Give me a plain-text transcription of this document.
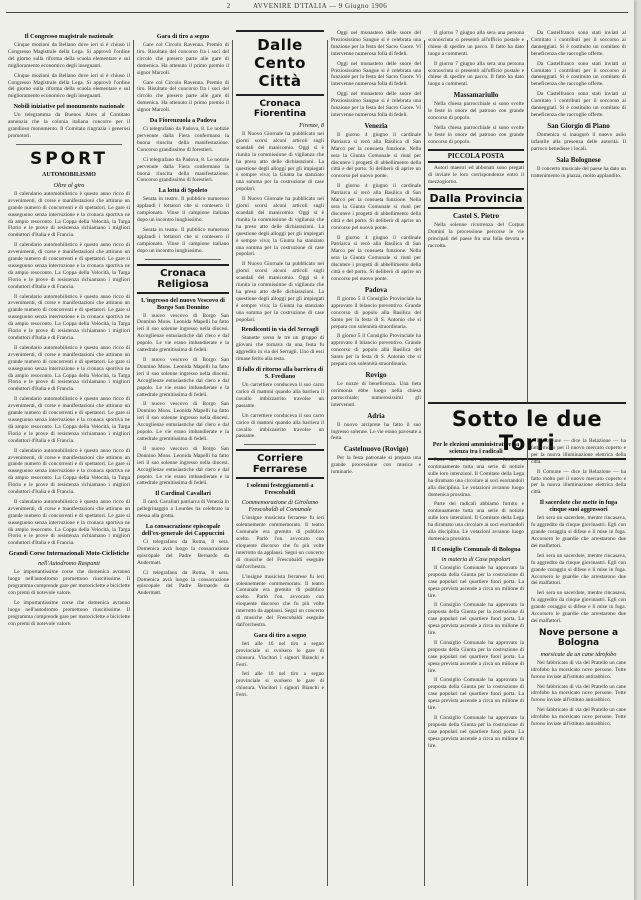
2	AVVENIRE D'ITALIA — 9 Giugno 1906
Il Congresso magistrale nazionale

Cinque mozioni da Bellano dove ieri si è chiuso il Congresso Magistrale della Lega. Si approvò l'ordine del giorno sulla riforma della scuola elementare e sul miglioramento economico degli insegnanti.

Cinque mozioni da Bellano dove ieri si è chiuso il Congresso Magistrale della Lega. Si approvò l'ordine del giorno sulla riforma della scuola elementare e sul miglioramento economico degli insegnanti.

Nobili iniziative pel monumento nazionale

Un telegramma da Buenos Aires al Comitato annunzia che la colonia italiana concorre per il grandioso monumento. Il Comitato ringrazia i generosi promotori.

SPORT
AUTOMOBILISMO
Oltre al giro

Il calendario automobilistico è questo anno ricco di avvenimenti, di corse e manifestazioni che attirano un grande numero di concorrenti e di spettatori. Le gare si susseguono senza interruzione e la cronaca sportiva ne dà ampio resoconto. La Coppa della Velocità, la Targa Florio e le prove di resistenza richiamano i migliori conduttori d'Italia e di Francia.

Il calendario automobilistico è questo anno ricco di avvenimenti, di corse e manifestazioni che attirano un grande numero di concorrenti e di spettatori. Le gare si susseguono senza interruzione e la cronaca sportiva ne dà ampio resoconto. La Coppa della Velocità, la Targa Florio e le prove di resistenza richiamano i migliori conduttori d'Italia e di Francia.

Il calendario automobilistico è questo anno ricco di avvenimenti, di corse e manifestazioni che attirano un grande numero di concorrenti e di spettatori. Le gare si susseguono senza interruzione e la cronaca sportiva ne dà ampio resoconto. La Coppa della Velocità, la Targa Florio e le prove di resistenza richiamano i migliori conduttori d'Italia e di Francia.

Il calendario automobilistico è questo anno ricco di avvenimenti, di corse e manifestazioni che attirano un grande numero di concorrenti e di spettatori. Le gare si susseguono senza interruzione e la cronaca sportiva ne dà ampio resoconto. La Coppa della Velocità, la Targa Florio e le prove di resistenza richiamano i migliori conduttori d'Italia e di Francia.

Il calendario automobilistico è questo anno ricco di avvenimenti, di corse e manifestazioni che attirano un grande numero di concorrenti e di spettatori. Le gare si susseguono senza interruzione e la cronaca sportiva ne dà ampio resoconto. La Coppa della Velocità, la Targa Florio e le prove di resistenza richiamano i migliori conduttori d'Italia e di Francia.

Il calendario automobilistico è questo anno ricco di avvenimenti, di corse e manifestazioni che attirano un grande numero di concorrenti e di spettatori. Le gare si susseguono senza interruzione e la cronaca sportiva ne dà ampio resoconto. La Coppa della Velocità, la Targa Florio e le prove di resistenza richiamano i migliori conduttori d'Italia e di Francia.

Il calendario automobilistico è questo anno ricco di avvenimenti, di corse e manifestazioni che attirano un grande numero di concorrenti e di spettatori. Le gare si susseguono senza interruzione e la cronaca sportiva ne dà ampio resoconto. La Coppa della Velocità, la Targa Florio e le prove di resistenza richiamano i migliori conduttori d'Italia e di Francia.

Grandi Corse Internazionali Moto-Ciclistiche
nell'Autodromo Raspanti

Le importantissime corse che domenica avranno luogo nell'autodromo promettono riuscitissime. Il programma comprende gare per motociclette e biciclette con premi di notevole valore.

Le importantissime corse che domenica avranno luogo nell'autodromo promettono riuscitissime. Il programma comprende gare per motociclette e biciclette con premi di notevole valore.

Gara di tiro a segno

Gare col Circolo Ravenna. Premio di tiro. Risultato del concorso fra i soci del circolo che presero parte alle gare di domenica. Ha ottenuto il primo premio il signor Marzoli.

Gare col Circolo Ravenna. Premio di tiro. Risultato del concorso fra i soci del circolo che presero parte alle gare di domenica. Ha ottenuto il primo premio il signor Marzoli.

Da Fiorenzuola a Padova

Ci telegrafano da Padova, 8. Le notizie pervenute dalla Fiera confermano la buona riuscita della manifestazione. Concorso grandissimo di forestieri.

Ci telegrafano da Padova, 8. Le notizie pervenute dalla Fiera confermano la buona riuscita della manifestazione. Concorso grandissimo di forestieri.

La lotta di Spoleto

Serata in teatro. Il pubblico numeroso applaudì i lottatori che si contesero il campionato. Vinse il campione italiano dopo un incontro lunghissimo.

Serata in teatro. Il pubblico numeroso applaudì i lottatori che si contesero il campionato. Vinse il campione italiano dopo un incontro lunghissimo.

Cronaca Religiosa
L'ingresso del nuovo Vescovo di Borgo San Donnino

Il nuovo vescovo di Borgo San Donnino Mons. Leonida Mapelli ha fatto ieri il suo solenne ingresso nella diocesi. Accoglienze entusiastiche dal clero e dal popolo. Le vie erano imbandierate e la cattedrale gremitissima di fedeli.

Il nuovo vescovo di Borgo San Donnino Mons. Leonida Mapelli ha fatto ieri il suo solenne ingresso nella diocesi. Accoglienze entusiastiche dal clero e dal popolo. Le vie erano imbandierate e la cattedrale gremitissima di fedeli.

Il nuovo vescovo di Borgo San Donnino Mons. Leonida Mapelli ha fatto ieri il suo solenne ingresso nella diocesi. Accoglienze entusiastiche dal clero e dal popolo. Le vie erano imbandierate e la cattedrale gremitissima di fedeli.

Il nuovo vescovo di Borgo San Donnino Mons. Leonida Mapelli ha fatto ieri il suo solenne ingresso nella diocesi. Accoglienze entusiastiche dal clero e dal popolo. Le vie erano imbandierate e la cattedrale gremitissima di fedeli.

Il Cardinal Cavallari

Il card. Cavallari patriarca di Venezia in pellegrinaggio a Lourdes ha celebrato la messa alla grotta.

La consacrazione episcopale dell'ex-generale dei Cappuccini

Ci telegrafano da Roma, 8 sera. Domenica avrà luogo la consacrazione episcopale del Padre Bernardo da Andermatt.

Ci telegrafano da Roma, 8 sera. Domenica avrà luogo la consacrazione episcopale del Padre Bernardo da Andermatt.

Dalle Cento Città
Cronaca Fiorentina
Firenze, 8

Il Nuovo Giornale ha pubblicato nei giorni scorsi alcuni articoli sugli scandali del manicomio. Oggi si è riunita la commissione di vigilanza che ha preso atto delle dichiarazioni. La questione degli alloggi per gli impiegati è sempre viva; la Giunta ha stanziato una somma per la costruzione di case popolari.

Il Nuovo Giornale ha pubblicato nei giorni scorsi alcuni articoli sugli scandali del manicomio. Oggi si è riunita la commissione di vigilanza che ha preso atto delle dichiarazioni. La questione degli alloggi per gli impiegati è sempre viva; la Giunta ha stanziato una somma per la costruzione di case popolari.

Il Nuovo Giornale ha pubblicato nei giorni scorsi alcuni articoli sugli scandali del manicomio. Oggi si è riunita la commissione di vigilanza che ha preso atto delle dichiarazioni. La questione degli alloggi per gli impiegati è sempre viva; la Giunta ha stanziato una somma per la costruzione di case popolari.

Rendiconti in via del Serragli

Stanotte verso le tre un gruppo di giovani che tornava da una festa fu aggredito in via dei Serragli. Uno di essi rimase ferito alla testa.

Il fallo di ritorno alla barriera di S. Frediano

Un carrettiere conduceva il suo carro carico di mattoni quando alla barriera il cavallo imbizzarrito travolse un passante.

Un carrettiere conduceva il suo carro carico di mattoni quando alla barriera il cavallo imbizzarrito travolse un passante.

Corriere Ferrarese
I solenni festeggiamenti a Frescobaldi
Commemorazione di Girolamo Frescobaldi al Comunale

L'insigne musicista ferrarese fu ieri solennemente commemorato. Il teatro Comunale era gremito di pubblico scelto. Parlò l'on. avvocato con eloquente discorso che fu più volte interrotto da applausi. Seguì un concerto di musiche del Frescobaldi eseguite dall'orchestra.

L'insigne musicista ferrarese fu ieri solennemente commemorato. Il teatro Comunale era gremito di pubblico scelto. Parlò l'on. avvocato con eloquente discorso che fu più volte interrotto da applausi. Seguì un concerto di musiche del Frescobaldi eseguite dall'orchestra.

Gara di tiro a segno

Ieri alle 16 nel tiro a segno provinciale si svolsero le gare di chiusura. Vincitori i signori Bianchi e Ferri.

Ieri alle 16 nel tiro a segno provinciale si svolsero le gare di chiusura. Vincitori i signori Bianchi e Ferri.

Oggi nel monastero delle suore del Preziosissimo Sangue si è celebrata una funzione per la festa del Sacro Cuore. Vi intervenne numerosa folla di fedeli.

Oggi nel monastero delle suore del Preziosissimo Sangue si è celebrata una funzione per la festa del Sacro Cuore. Vi intervenne numerosa folla di fedeli.

Oggi nel monastero delle suore del Preziosissimo Sangue si è celebrata una funzione per la festa del Sacro Cuore. Vi intervenne numerosa folla di fedeli.

Venezia

Il giorno 4 giugno il cardinale Patriarca si recò alla Basilica di San Marco per la consueta funzione. Nella sera la Giunta Comunale si riunì per discutere i progetti di abbellimento della città e del porto. Si deliberò di aprire un concorso pel nuovo ponte.

Il giorno 4 giugno il cardinale Patriarca si recò alla Basilica di San Marco per la consueta funzione. Nella sera la Giunta Comunale si riunì per discutere i progetti di abbellimento della città e del porto. Si deliberò di aprire un concorso pel nuovo ponte.

Il giorno 4 giugno il cardinale Patriarca si recò alla Basilica di San Marco per la consueta funzione. Nella sera la Giunta Comunale si riunì per discutere i progetti di abbellimento della città e del porto. Si deliberò di aprire un concorso pel nuovo ponte.

Padova

Il giorno 5 il Consiglio Provinciale ha approvato il bilancio preventivo. Grande concorso di popolo alla Basilica del Santo per la festa di S. Antonio che si prepara con solennità straordinaria.

Il giorno 5 il Consiglio Provinciale ha approvato il bilancio preventivo. Grande concorso di popolo alla Basilica del Santo per la festa di S. Antonio che si prepara con solennità straordinaria.

Rovigo

Le nozze di beneficenza. Una lieta cerimonia ebbe luogo nella chiesa parrocchiale; numerosissimi gli intervenuti.

Adria

Il nuovo arciprete ha fatto il suo ingresso solenne. Le vie erano pavesate a festa.

Castelnuovo (Rovigo)

Per la festa patronale si prepara una grande processione con musica e luminarie.

Il giorno 7 giugno alla sera una persona sconosciuta si presentò all'ufficio postale e chiese di spedire un pacco. Il fatto ha dato luogo a commenti.

Il giorno 7 giugno alla sera una persona sconosciuta si presentò all'ufficio postale e chiese di spedire un pacco. Il fatto ha dato luogo a commenti.

Massamariullo

Nella chiesa parrocchiale si sono svolte le feste in onore del patrono con grande concorso di popolo.

Nella chiesa parrocchiale si sono svolte le feste in onore del patrono con grande concorso di popolo.

PICCOLA POSTA

Autori maestri ed abbonati sono pregati di inviare le loro corrispondenze entro il mezzogiorno.

Dalla Provincia
Castel S. Pietro

Nella solenne ricorrenza del Corpus Domini la processione percorse le vie principali del paese fra una folla devota e raccolta.

Da Castelfranco sono stati inviati al Comitato i contributi per il soccorso ai danneggiati. Si è costituito un comitato di beneficenza che raccoglie offerte.

Da Castelfranco sono stati inviati al Comitato i contributi per il soccorso ai danneggiati. Si è costituito un comitato di beneficenza che raccoglie offerte.

Da Castelfranco sono stati inviati al Comitato i contributi per il soccorso ai danneggiati. Si è costituito un comitato di beneficenza che raccoglie offerte.

San Giorgio di Piano

Domenica si inaugurò il nuovo asilo infantile alla presenza delle autorità. Il parroco benedisse i locali.

Sala Bolognese

Il concerto musicale del paese ha dato un trattenimento in piazza, molto applaudito.

Sotto le due Torri
Per le elezioni amministrative ha scienza tra i radicali

Parte dei radicali abbiamo fornito e continuamente tutta una serie di notizie sulle loro intenzioni. Il Comitato della Lega ha diramato una circolare ai soci esortandoli alla disciplina. Le votazioni avranno luogo domenica prossima.

Parte dei radicali abbiamo fornito e continuamente tutta una serie di notizie sulle loro intenzioni. Il Comitato della Lega ha diramato una circolare ai soci esortandoli alla disciplina. Le votazioni avranno luogo domenica prossima.

Il Consiglio Comunale di Bologna
in materia di Case popolari

Il Consiglio Comunale ha approvato la proposta della Giunta per la costruzione di case popolari nel quartiere fuori porta. La spesa prevista ascende a circa un milione di lire.

Il Consiglio Comunale ha approvato la proposta della Giunta per la costruzione di case popolari nel quartiere fuori porta. La spesa prevista ascende a circa un milione di lire.

Il Consiglio Comunale ha approvato la proposta della Giunta per la costruzione di case popolari nel quartiere fuori porta. La spesa prevista ascende a circa un milione di lire.

Il Consiglio Comunale ha approvato la proposta della Giunta per la costruzione di case popolari nel quartiere fuori porta. La spesa prevista ascende a circa un milione di lire.

Il Consiglio Comunale ha approvato la proposta della Giunta per la costruzione di case popolari nel quartiere fuori porta. La spesa prevista ascende a circa un milione di lire.

Il Comune — dice la Relazione — ha fatto molto per il nuovo mercato coperto e per la nuova illuminazione elettrica della città.

Il Comune — dice la Relazione — ha fatto molto per il nuovo mercato coperto e per la nuova illuminazione elettrica della città.

Il sacerdote che mette in fuga cinque suoi aggressori

Ieri sera un sacerdote, mentre rincasava, fu aggredito da cinque giovinastri. Egli con grande coraggio si difese e li mise in fuga. Accorsero le guardie che arrestarono due dei malfattori.

Ieri sera un sacerdote, mentre rincasava, fu aggredito da cinque giovinastri. Egli con grande coraggio si difese e li mise in fuga. Accorsero le guardie che arrestarono due dei malfattori.

Ieri sera un sacerdote, mentre rincasava, fu aggredito da cinque giovinastri. Egli con grande coraggio si difese e li mise in fuga. Accorsero le guardie che arrestarono due dei malfattori.

Nove persone a Bologna
morsicate da un cane idrofobo

Nel fabbricato di via del Pratello un cane idrofobo ha morsicato nove persone. Tutte furono inviate all'istituto antirabbico.

Nel fabbricato di via del Pratello un cane idrofobo ha morsicato nove persone. Tutte furono inviate all'istituto antirabbico.

Nel fabbricato di via del Pratello un cane idrofobo ha morsicato nove persone. Tutte furono inviate all'istituto antirabbico.
